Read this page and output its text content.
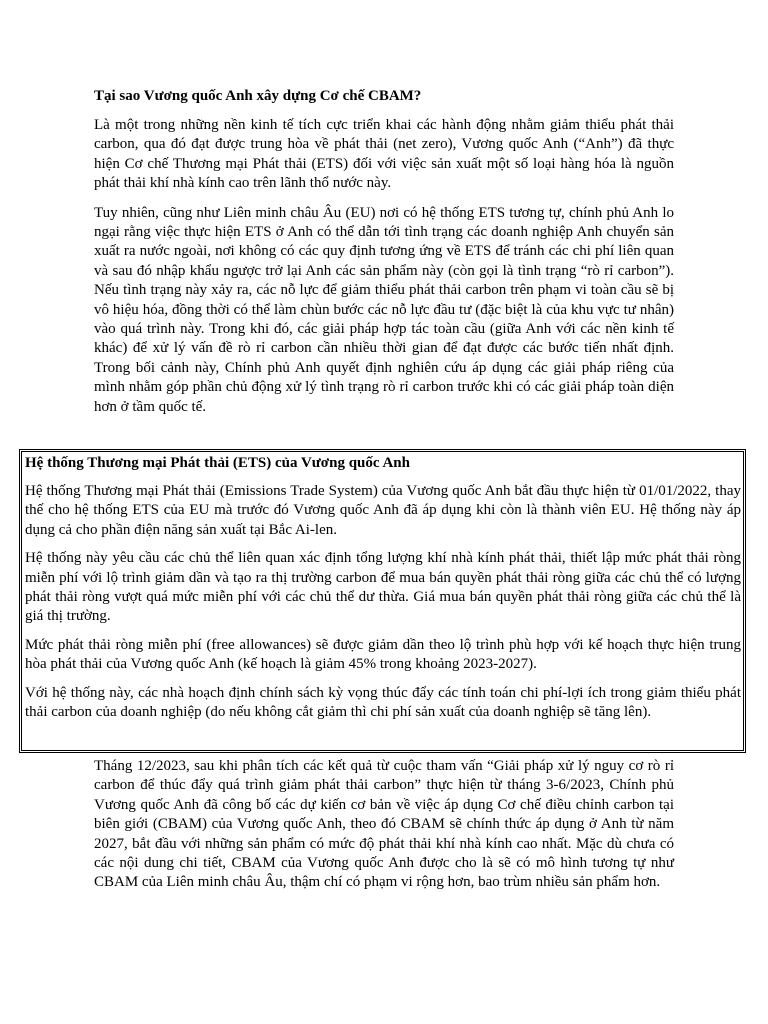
Tại sao Vương quốc Anh xây dựng Cơ chế CBAM?

Là một trong những nền kinh tế tích cực triển khai các hành động nhằm giảm thiểu phát thải carbon, qua đó đạt được trung hòa về phát thải (net zero), Vương quốc Anh (“Anh”) đã thực hiện Cơ chế Thương mại Phát thải (ETS) đối với việc sản xuất một số loại hàng hóa là nguồn phát thải khí nhà kính cao trên lãnh thổ nước này.

Tuy nhiên, cũng như Liên minh châu Âu (EU) nơi có hệ thống ETS tương tự, chính phủ Anh lo ngại rằng việc thực hiện ETS ở Anh có thể dẫn tới tình trạng các doanh nghiệp Anh chuyển sản xuất ra nước ngoài, nơi không có các quy định tương ứng về ETS để tránh các chi phí liên quan và sau đó nhập khẩu ngược trở lại Anh các sản phẩm này (còn gọi là tình trạng “rò rỉ carbon”). Nếu tình trạng này xảy ra, các nỗ lực để giảm thiểu phát thải carbon trên phạm vi toàn cầu sẽ bị vô hiệu hóa, đồng thời có thể làm chùn bước các nỗ lực đầu tư (đặc biệt là của khu vực tư nhân) vào quá trình này. Trong khi đó, các giải pháp hợp tác toàn cầu (giữa Anh với các nền kinh tế khác) để xử lý vấn đề rò rỉ carbon cần nhiều thời gian để đạt được các bước tiến nhất định. Trong bối cảnh này, Chính phủ Anh quyết định nghiên cứu áp dụng các giải pháp riêng của mình nhằm góp phần chủ động xử lý tình trạng rò rỉ carbon trước khi có các giải pháp toàn diện hơn ở tầm quốc tế.

Hệ thống Thương mại Phát thải (ETS) của Vương quốc Anh

Hệ thống Thương mại Phát thải (Emissions Trade System) của Vương quốc Anh bắt đầu thực hiện từ 01/01/2022, thay thế cho hệ thống ETS của EU mà trước đó Vương quốc Anh đã áp dụng khi còn là thành viên EU. Hệ thống này áp dụng cả cho phần điện năng sản xuất tại Bắc Ai-len.

Hệ thống này yêu cầu các chủ thể liên quan xác định tổng lượng khí nhà kính phát thải, thiết lập mức phát thải ròng miễn phí với lộ trình giảm dần và tạo ra thị trường carbon để mua bán quyền phát thải ròng giữa các chủ thể có lượng phát thải ròng vượt quá mức miễn phí với các chủ thể dư thừa. Giá mua bán quyền phát thải ròng giữa các chủ thể là giá thị trường.

Mức phát thải ròng miễn phí (free allowances) sẽ được giảm dần theo lộ trình phù hợp với kế hoạch thực hiện trung hòa phát thải của Vương quốc Anh (kế hoạch là giảm 45% trong khoảng 2023-2027).

Với hệ thống này, các nhà hoạch định chính sách kỳ vọng thúc đẩy các tính toán chi phí-lợi ích trong giảm thiểu phát thải carbon của doanh nghiệp (do nếu không cắt giảm thì chi phí sản xuất của doanh nghiệp sẽ tăng lên).

Tháng 12/2023, sau khi phân tích các kết quả từ cuộc tham vấn “Giải pháp xử lý nguy cơ rò rỉ carbon để thúc đẩy quá trình giảm phát thải carbon” thực hiện từ tháng 3-6/2023, Chính phủ Vương quốc Anh đã công bố các dự kiến cơ bản về việc áp dụng Cơ chế điều chỉnh carbon tại biên giới (CBAM) của Vương quốc Anh, theo đó CBAM sẽ chính thức áp dụng ở Anh từ năm 2027, bắt đầu với những sản phẩm có mức độ phát thải khí nhà kính cao nhất. Mặc dù chưa có các nội dung chi tiết, CBAM của Vương quốc Anh được cho là sẽ có mô hình tương tự như CBAM của Liên minh châu Âu, thậm chí có phạm vi rộng hơn, bao trùm nhiều sản phẩm hơn.
